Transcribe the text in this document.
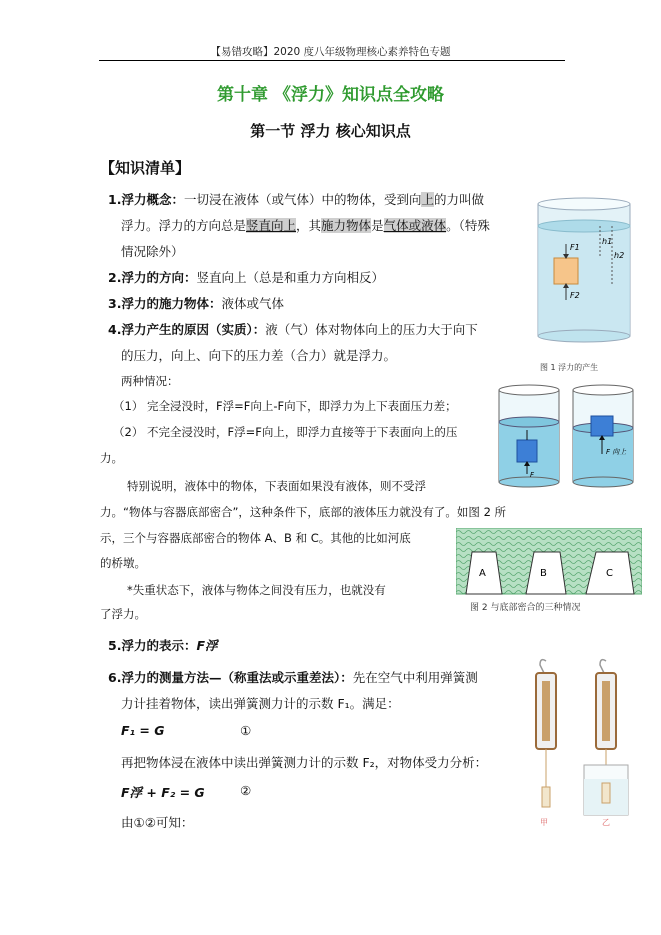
【易错攻略】2020 度八年级物理核心素养特色专题
第十章 《浮力》知识点全攻略
第一节 浮力 核心知识点
【知识清单】
1.浮力概念：一切浸在液体（或气体）中的物体，受到向上的力叫做
浮力。浮力的方向总是竖直向上，其施力物体是气体或液体。（特殊
情况除外）
2.浮力的方向：竖直向上（总是和重力方向相反）
3.浮力的施力物体：液体或气体
4.浮力产生的原因（实质）：液（气）体对物体向上的压力大于向下
的压力，向上、向下的压力差（合力）就是浮力。
两种情况：
（1） 完全浸没时，F浮=F向上-F向下，即浮力为上下表面压力差；
（2） 不完全浸没时，F浮=F向上，即浮力直接等于下表面向上的压
力。
特别说明，液体中的物体，下表面如果没有液体，则不受浮
力。“物体与容器底部密合”，这种条件下，底部的液体压力就没有了。如图 2 所
示，三个与容器底部密合的物体 A、B 和 C。其他的比如河底
的桥墩。
*失重状态下，液体与物体之间没有压力，也就没有
了浮力。
5.浮力的表示：F浮
6.浮力的测量方法—（称重法或示重差法）：先在空气中利用弹簧测
力计挂着物体，读出弹簧测力计的示数 F₁。满足：
F₁ = G	①
再把物体浸在液体中读出弹簧测力计的示数 F₂，对物体受力分析：
F浮 + F₂ = G	②
由①②可知：
F1
F2
h1
h2
图 1 浮力的产生
F
F 向上
A	B	C
图 2 与底部密合的三种情况
甲	乙
